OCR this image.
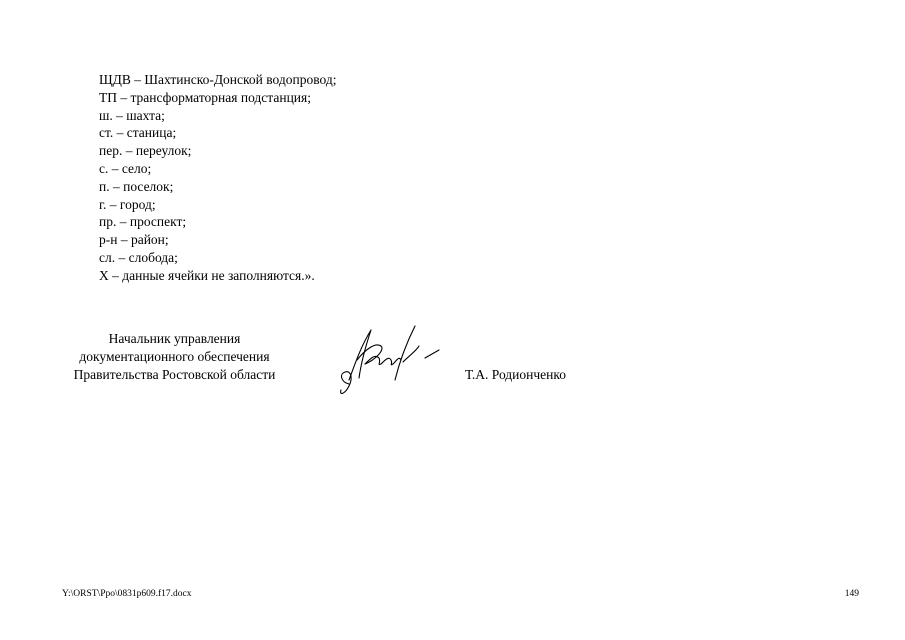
ЩДВ – Шахтинско-Донской водопровод;
ТП – трансформаторная подстанция;
ш. – шахта;
ст. – станица;
пер. – переулок;
с. – село;
п. – поселок;
г. – город;
пр. – проспект;
р-н – район;
сл. – слобода;
Х – данные ячейки не заполняются.».
Начальник управления
документационного обеспечения
Правительства Ростовской области	Т.А. Родионченко
Y:\ORST\Ppo\0831p609.f17.docx	149
